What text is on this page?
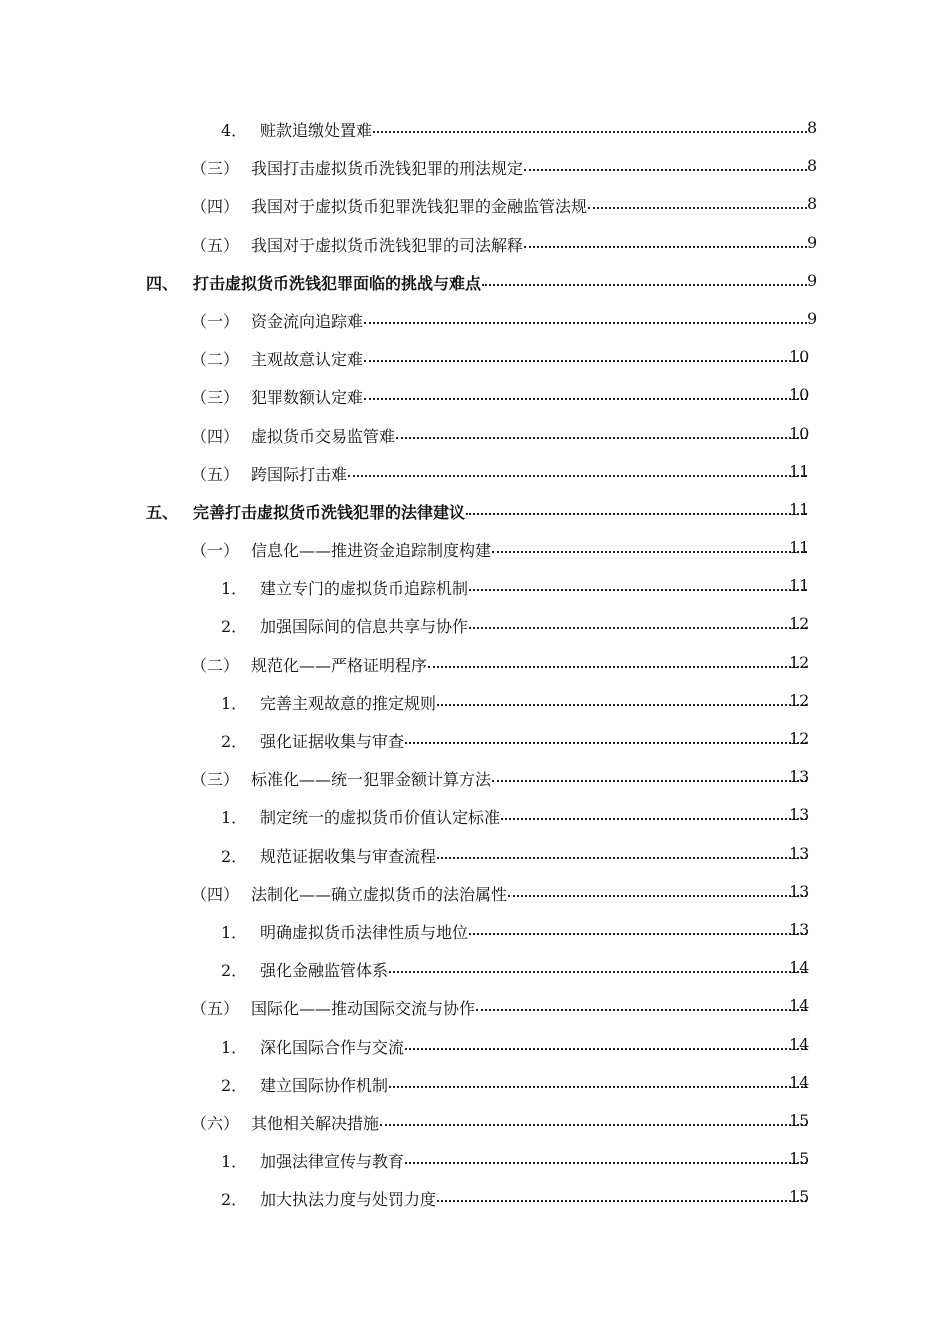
4． 赃款追缴处置难	8
（三） 我国打击虚拟货币洗钱犯罪的刑法规定	8
（四） 我国对于虚拟货币犯罪洗钱犯罪的金融监管法规	8
（五） 我国对于虚拟货币洗钱犯罪的司法解释	9
四、 打击虚拟货币洗钱犯罪面临的挑战与难点	9
（一） 资金流向追踪难	9
（二） 主观故意认定难	10
（三） 犯罪数额认定难	10
（四） 虚拟货币交易监管难	10
（五） 跨国际打击难	11
五、 完善打击虚拟货币洗钱犯罪的法律建议	11
（一） 信息化——推进资金追踪制度构建	11
1． 建立专门的虚拟货币追踪机制	11
2． 加强国际间的信息共享与协作	12
（二） 规范化——严格证明程序	12
1． 完善主观故意的推定规则	12
2． 强化证据收集与审查	12
（三） 标准化——统一犯罪金额计算方法	13
1． 制定统一的虚拟货币价值认定标准	13
2． 规范证据收集与审查流程	13
（四） 法制化——确立虚拟货币的法治属性	13
1． 明确虚拟货币法律性质与地位	13
2． 强化金融监管体系	14
（五） 国际化——推动国际交流与协作	14
1． 深化国际合作与交流	14
2． 建立国际协作机制	14
（六） 其他相关解决措施	15
1． 加强法律宣传与教育	15
2． 加大执法力度与处罚力度	15
